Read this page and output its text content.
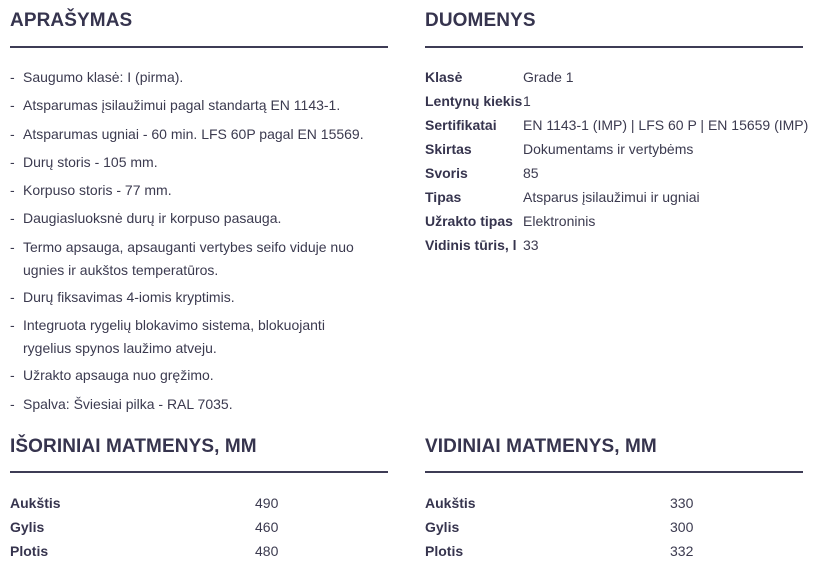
APRAŠYMAS
- Saugumo klasė: I (pirma).
- Atsparumas įsilaužimui pagal standartą EN 1143-1.
- Atsparumas ugniai - 60 min. LFS 60P pagal EN 15569.
- Durų storis - 105 mm.
- Korpuso storis - 77 mm.
- Daugiasluoksnė durų ir korpuso pasauga.
- Termo apsauga, apsauganti vertybes seifo viduje nuo ugnies ir aukštos temperatūros.
- Durų fiksavimas 4-iomis kryptimis.
- Integruota rygelių blokavimo sistema, blokuojanti rygelius spynos laužimo atveju.
- Užrakto apsauga nuo gręžimo.
- Spalva: Šviesiai pilka - RAL 7035.
DUOMENYS
Klasė	Grade 1
Lentynų kiekis 1
Sertifikatai EN 1143-1 (IMP) | LFS 60 P | EN 15659 (IMP)
Skirtas	Dokumentams ir vertybėms
Svoris	85
Tipas	Atsparus įsilaužimui ir ugniai
Užrakto tipas Elektroninis
Vidinis tūris, l 33
IŠORINIAI MATMENYS, MM
Aukštis	490
Gylis	460
Plotis	480
VIDINIAI MATMENYS, MM
Aukštis	330
Gylis	300
Plotis	332
